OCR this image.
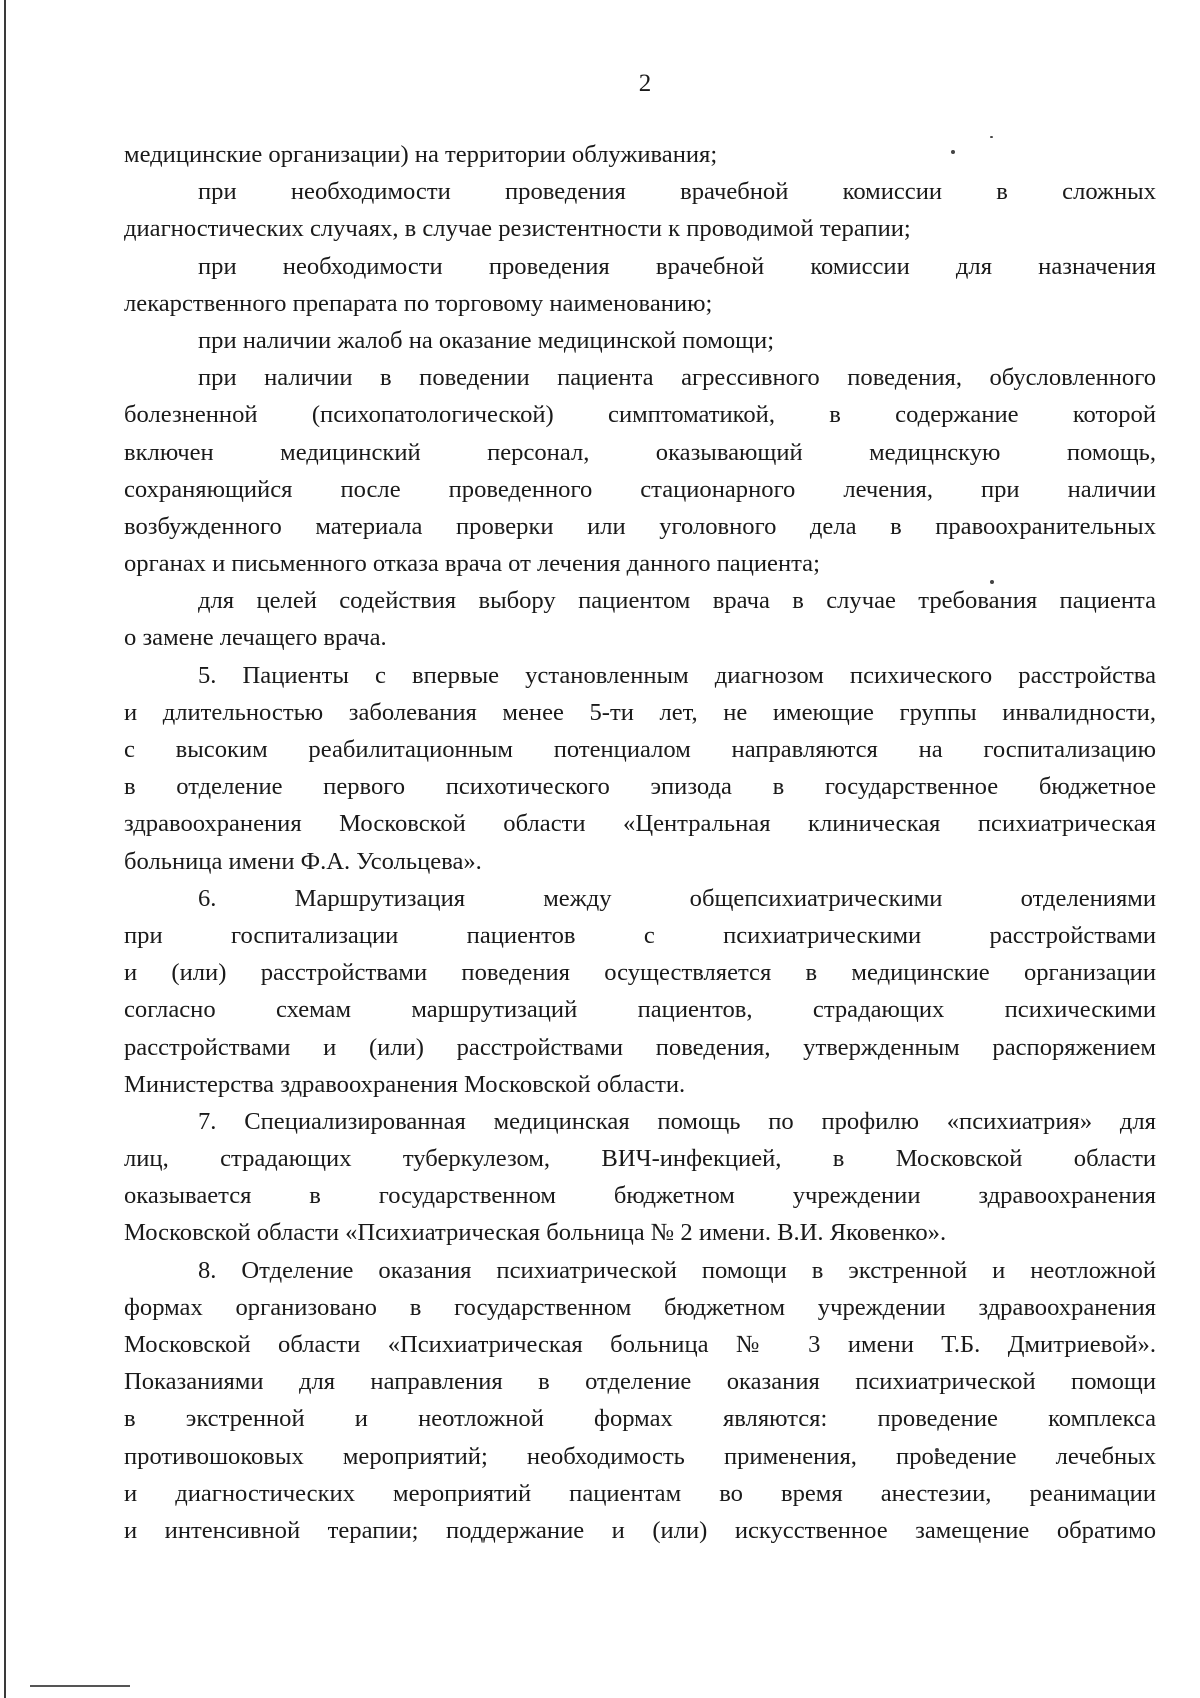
2
медицинские организации) на территории облуживания;
при необходимости проведения врачебной комиссии в сложных
диагностических случаях, в случае резистентности к проводимой терапии;
при необходимости проведения врачебной комиссии для назначения
лекарственного препарата по торговому наименованию;
при наличии жалоб на оказание медицинской помощи;
при наличии в поведении пациента агрессивного поведения, обусловленного
болезненной (психопатологической) симптоматикой, в содержание которой
включен медицинский персонал, оказывающий медицнскую помощь,
сохраняющийся после проведенного стационарного лечения, при наличии
возбужденного материала проверки или уголовного дела в правоохранительных
органах и письменного отказа врача от лечения данного пациента;
для целей содействия выбору пациентом врача в случае требования пациента
о замене лечащего врача.
5. Пациенты с впервые установленным диагнозом психического расстройства
и длительностью заболевания менее 5-ти лет, не имеющие группы инвалидности,
с высоким реабилитационным потенциалом направляются на госпитализацию
в отделение первого психотического эпизода в государственное бюджетное
здравоохранения Московской области «Центральная клиническая психиатрическая
больница имени Ф.А. Усольцева».
6. Маршрутизация между общепсихиатрическими отделениями
при госпитализации пациентов с психиатрическими расстройствами
и (или) расстройствами поведения осуществляется в медицинские организации
согласно схемам маршрутизаций пациентов, страдающих психическими
расстройствами и (или) расстройствами поведения, утвержденным распоряжением
Министерства здравоохранения Московской области.
7. Специализированная медицинская помощь по профилю «психиатрия» для
лиц, страдающих туберкулезом, ВИЧ-инфекцией, в Московской области
оказывается в государственном бюджетном учреждении здравоохранения
Московской области «Психиатрическая больница № 2 имени. В.И. Яковенко».
8. Отделение оказания психиатрической помощи в экстренной и неотложной
формах организовано в государственном бюджетном учреждении здравоохранения
Московской области «Психиатрическая больница № 3 имени Т.Б. Дмитриевой».
Показаниями для направления в отделение оказания психиатрической помощи
в экстренной и неотложной формах являются: проведение комплекса
противошоковых мероприятий; необходимость применения, проведение лечебных
и диагностических мероприятий пациентам во время анестезии, реанимации
и интенсивной терапии; поддержание и (или) искусственное замещение обратимо
